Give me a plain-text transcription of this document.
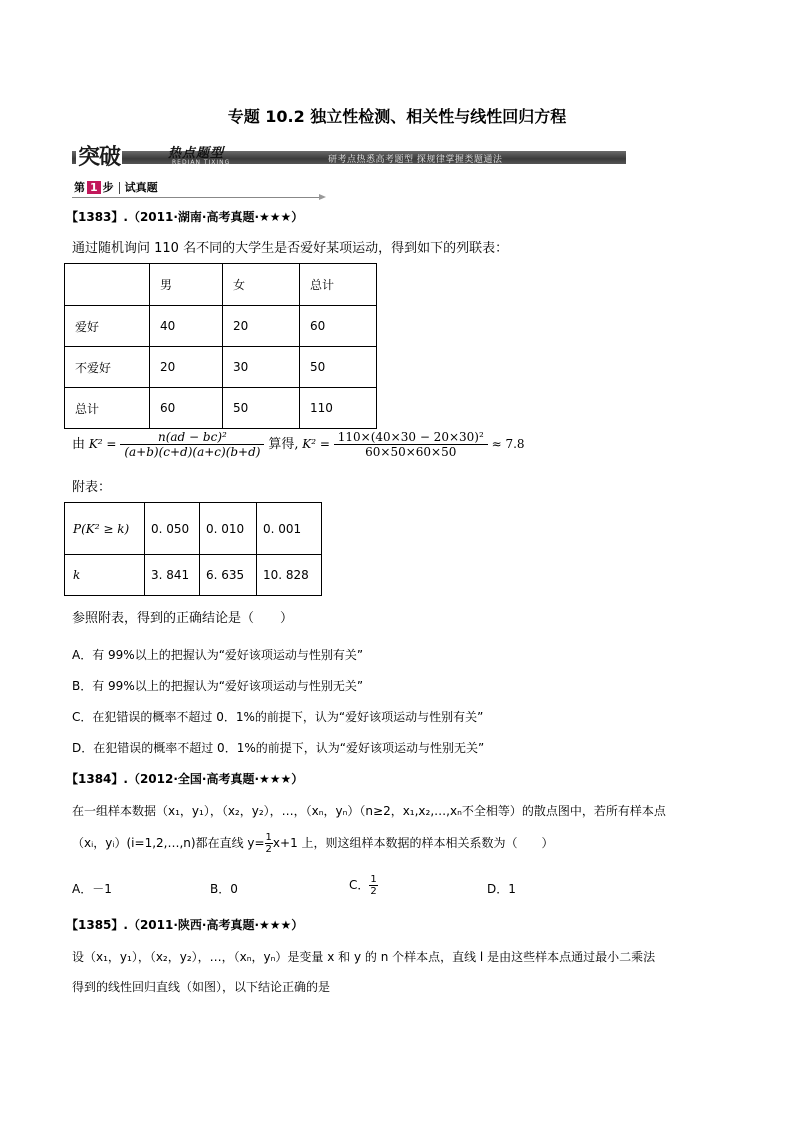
专题 10.2 独立性检测、相关性与线性回归方程
突破	热点题型
REDIAN TIXING	研考点热悉高考题型 探规律掌握类题通法
第 1 步 试真题
【1383】.（2011·湖南·高考真题·★★★）
通过随机询问 110 名不同的大学生是否爱好某项运动，得到如下的列联表：
	男	女	总计
爱好	40	20	60
不爱好	20	30	50
总计	60	50	110
由 $K^2 = \frac{\text{n(ad − bc)²}}{(a+b)(c+d)(a+c)(b+d)}$ 算得, $K^2 = \frac{\text{110×(40×30 − 20×30)²}}{60\times 50\times 60\times 50} \approx 7.8$
附表：
P(K² ≥ k)	0. 050	0. 010	0. 001
k	3. 841	6. 635	10. 828
参照附表，得到的正确结论是（　　）
A．有 99%以上的把握认为“爱好该项运动与性别有关”
B．有 99%以上的把握认为“爱好该项运动与性别无关”
C．在犯错误的概率不超过 0．1%的前提下，认为“爱好该项运动与性别有关”
D．在犯错误的概率不超过 0．1%的前提下，认为“爱好该项运动与性别无关”
【1384】.（2012·全国·高考真题·★★★）
在一组样本数据（x₁，y₁），（x₂，y₂），…，（xₙ，yₙ）（n≥2，x₁,x₂,…,xₙ不全相等）的散点图中，若所有样本点
（xᵢ，yᵢ）(i=1,2,…,n)都在直线 $y= \frac{1}{2} x+1$ 上，则这组样本数据的样本相关系数为（　　）
A．－1	B．0	C． $\frac{1}{2}$	D．1
【1385】.（2011·陕西·高考真题·★★★）
设（x₁，y₁），（x₂，y₂），…，（xₙ，yₙ）是变量 x 和 y 的 n 个样本点，直线 l 是由这些样本点通过最小二乘法
得到的线性回归直线（如图），以下结论正确的是
